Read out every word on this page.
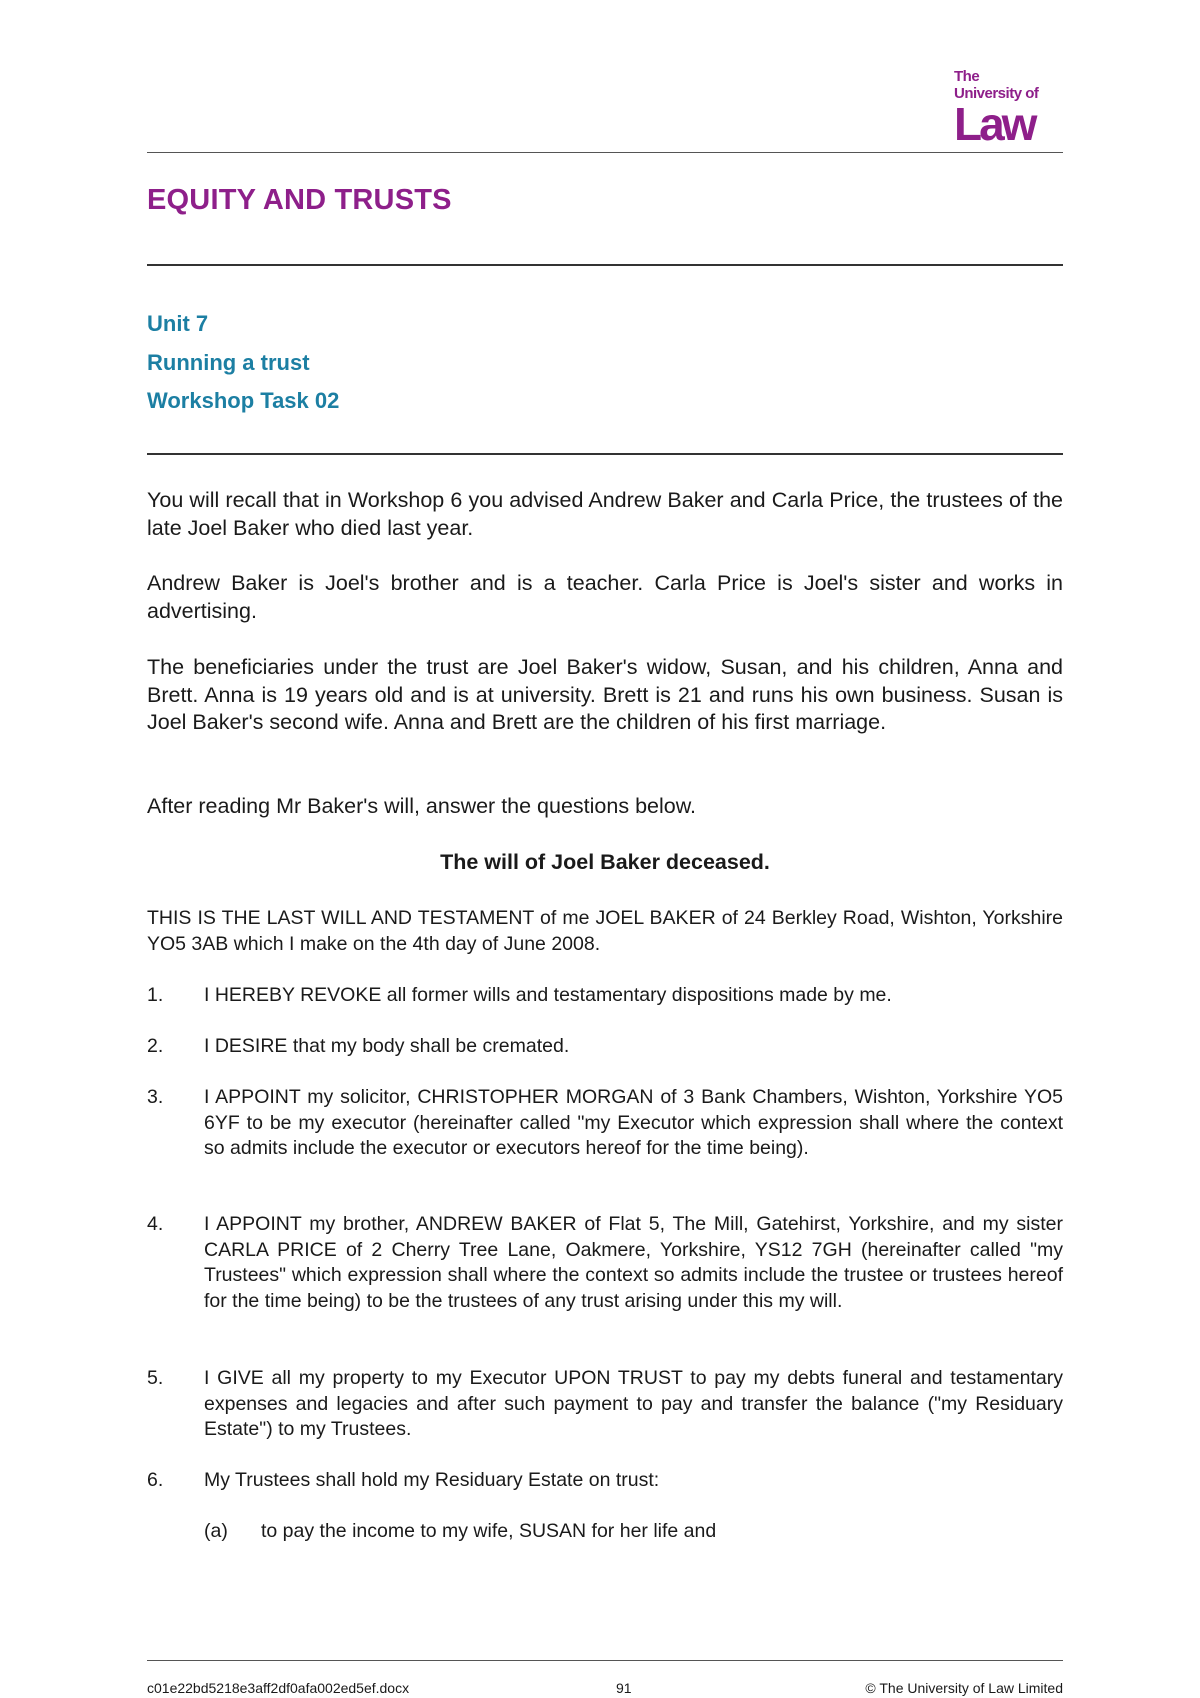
The
University of
Law
EQUITY AND TRUSTS
Unit 7
Running a trust
Workshop Task 02
You will recall that in Workshop 6 you advised Andrew Baker and Carla Price, the trustees of the late Joel Baker who died last year.
Andrew Baker is Joel's brother and is a teacher. Carla Price is Joel's sister and works in advertising.
The beneficiaries under the trust are Joel Baker's widow, Susan, and his children, Anna and Brett. Anna is 19 years old and is at university. Brett is 21 and runs his own business. Susan is Joel Baker's second wife. Anna and Brett are the children of his first marriage.
After reading Mr Baker's will, answer the questions below.
The will of Joel Baker deceased.
THIS IS THE LAST WILL AND TESTAMENT of me JOEL BAKER of 24 Berkley Road, Wishton, Yorkshire YO5 3AB which I make on the 4th day of June 2008.
1. I HEREBY REVOKE all former wills and testamentary dispositions made by me.
2. I DESIRE that my body shall be cremated.
3. I APPOINT my solicitor, CHRISTOPHER MORGAN of 3 Bank Chambers, Wishton, Yorkshire YO5 6YF to be my executor (hereinafter called "my Executor which expression shall where the context so admits include the executor or executors hereof for the time being).
4. I APPOINT my brother, ANDREW BAKER of Flat 5, The Mill, Gatehirst, Yorkshire, and my sister CARLA PRICE of 2 Cherry Tree Lane, Oakmere, Yorkshire, YS12 7GH (hereinafter called "my Trustees" which expression shall where the context so admits include the trustee or trustees hereof for the time being) to be the trustees of any trust arising under this my will.
5. I GIVE all my property to my Executor UPON TRUST to pay my debts funeral and testamentary expenses and legacies and after such payment to pay and transfer the balance ("my Residuary Estate") to my Trustees.
6. My Trustees shall hold my Residuary Estate on trust:
(a) to pay the income to my wife, SUSAN for her life and
c01e22bd5218e3aff2df0afa002ed5ef.docx	91	© The University of Law Limited
